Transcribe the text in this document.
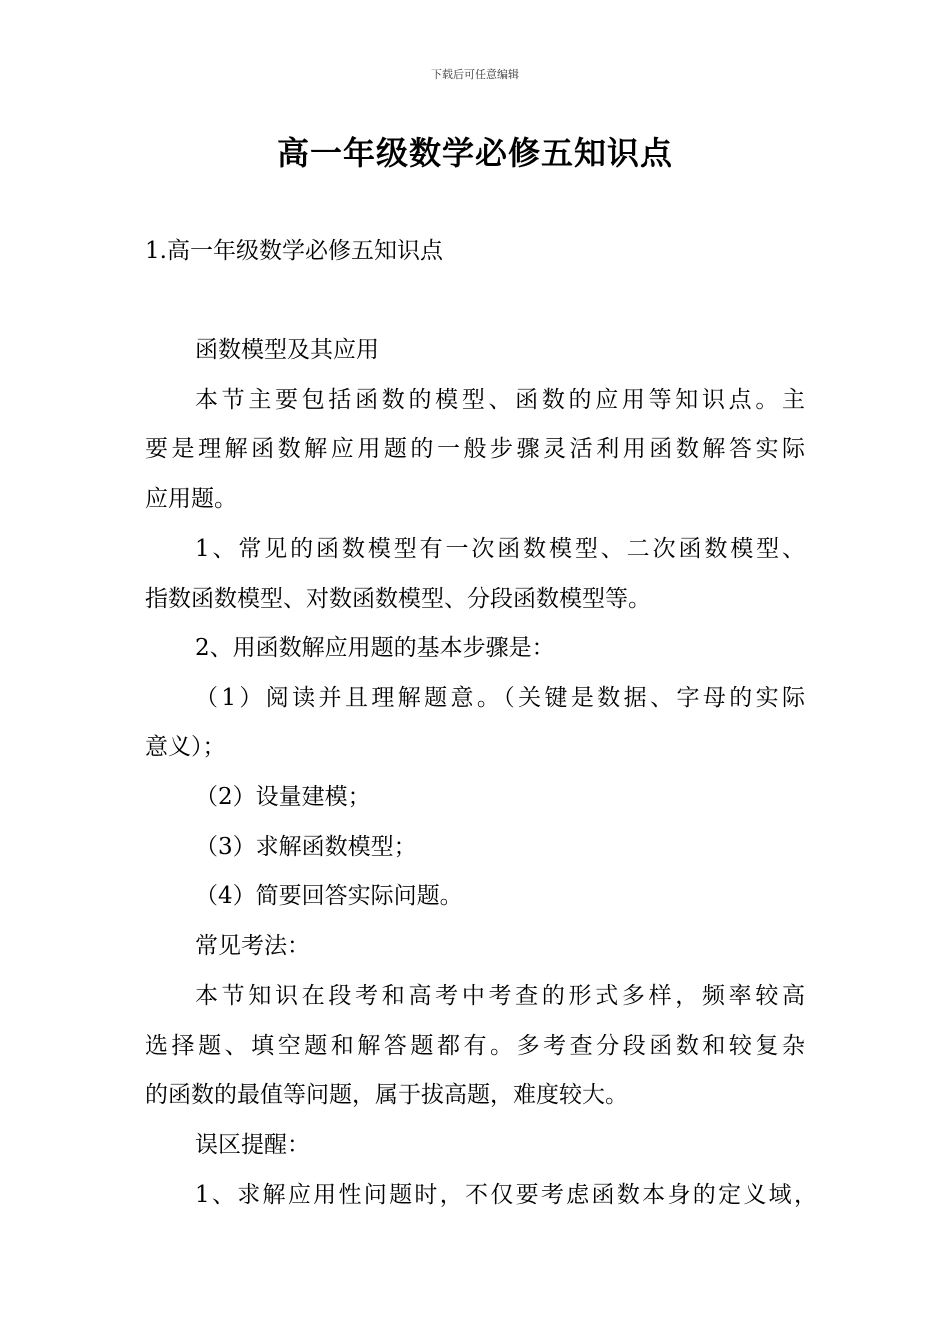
下载后可任意编辑
高一年级数学必修五知识点
1.高一年级数学必修五知识点
函数模型及其应用
本节主要包括函数的模型、函数的应用等知识点。主
要是理解函数解应用题的一般步骤灵活利用函数解答实际
应用题。
1、常见的函数模型有一次函数模型、二次函数模型、
指数函数模型、对数函数模型、分段函数模型等。
2、用函数解应用题的基本步骤是：
（1）阅读并且理解题意。（关键是数据、字母的实际
意义）；
（2）设量建模；
（3）求解函数模型；
（4）简要回答实际问题。
常见考法：
本节知识在段考和高考中考查的形式多样，频率较高
选择题、填空题和解答题都有。多考查分段函数和较复杂
的函数的最值等问题，属于拔高题，难度较大。
误区提醒：
1、求解应用性问题时，不仅要考虑函数本身的定义域，
